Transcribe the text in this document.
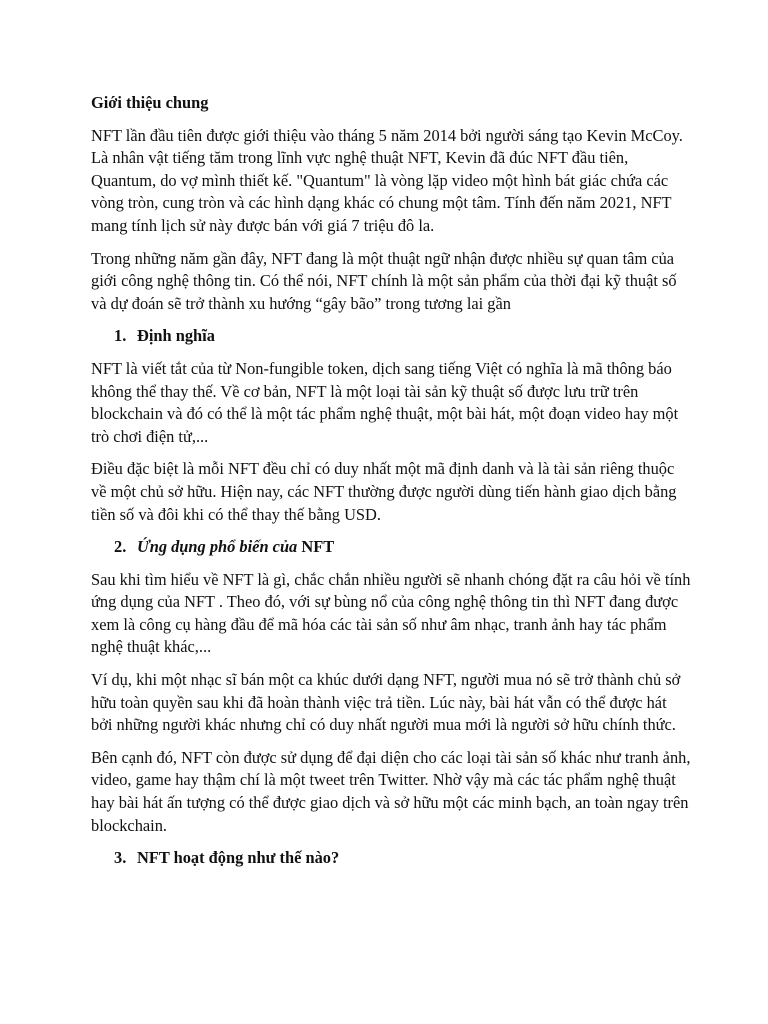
Giới thiệu chung

NFT lần đầu tiên được giới thiệu vào tháng 5 năm 2014 bởi người sáng tạo Kevin McCoy. Là nhân vật tiếng tăm trong lĩnh vực nghệ thuật NFT, Kevin đã đúc NFT đầu tiên, Quantum, do vợ mình thiết kế. "Quantum" là vòng lặp video một hình bát giác chứa các vòng tròn, cung tròn và các hình dạng khác có chung một tâm. Tính đến năm 2021, NFT mang tính lịch sử này được bán với giá 7 triệu đô la.

Trong những năm gần đây, NFT đang là một thuật ngữ nhận được nhiều sự quan tâm của giới công nghệ thông tin. Có thể nói, NFT chính là một sản phẩm của thời đại kỹ thuật số và dự đoán sẽ trở thành xu hướng “gây bão” trong tương lai gần

1. Định nghĩa

NFT là viết tắt của từ Non-fungible token, dịch sang tiếng Việt có nghĩa là mã thông báo không thể thay thế. Về cơ bản, NFT là một loại tài sản kỹ thuật số được lưu trữ trên blockchain và đó có thể là một tác phẩm nghệ thuật, một bài hát, một đoạn video hay một trò chơi điện tử,...

Điều đặc biệt là mỗi NFT đều chỉ có duy nhất một mã định danh và là tài sản riêng thuộc về một chủ sở hữu. Hiện nay, các NFT thường được người dùng tiến hành giao dịch bằng tiền số và đôi khi có thể thay thế bằng USD.

2. Ứng dụng phổ biến của NFT

Sau khi tìm hiểu về NFT là gì, chắc chắn nhiều người sẽ nhanh chóng đặt ra câu hỏi về tính ứng dụng của NFT . Theo đó, với sự bùng nổ của công nghệ thông tin thì NFT đang được xem là công cụ hàng đầu để mã hóa các tài sản số như âm nhạc, tranh ảnh hay tác phẩm nghệ thuật khác,...

Ví dụ, khi một nhạc sĩ bán một ca khúc dưới dạng NFT, người mua nó sẽ trở thành chủ sở hữu toàn quyền sau khi đã hoàn thành việc trả tiền. Lúc này, bài hát vẫn có thể được hát bởi những người khác nhưng chỉ có duy nhất người mua mới là người sở hữu chính thức.

Bên cạnh đó, NFT còn được sử dụng để đại diện cho các loại tài sản số khác như tranh ảnh, video, game hay thậm chí là một tweet trên Twitter. Nhờ vậy mà các tác phẩm nghệ thuật hay bài hát ấn tượng có thể được giao dịch và sở hữu một các minh bạch, an toàn ngay trên blockchain.

3. NFT hoạt động như thế nào?
